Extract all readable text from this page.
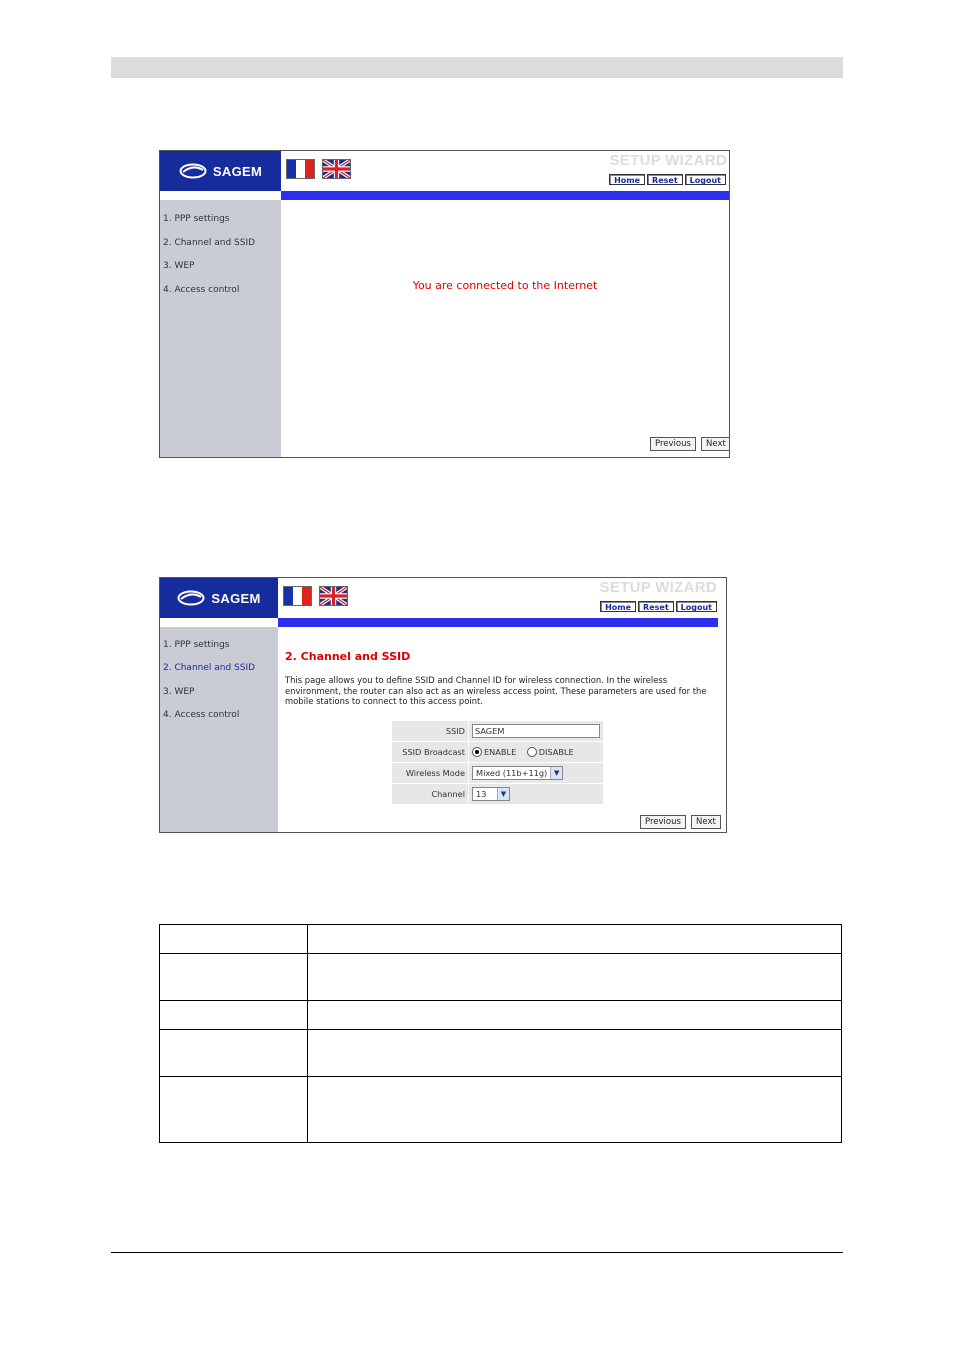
SAGEM
SETUP WIZARD
Home	Reset	Logout
1. PPP settings
2. Channel and SSID
3. WEP
4. Access control	You are connected to the Internet
Previous	Next
SAGEM
SETUP WIZARD
Home	Reset	Logout
1. PPP settings
2. Channel and SSID
3. WEP
4. Access control
2. Channel and SSID
This page allows you to define SSID and Channel ID for wireless connection. In the wireless environment, the router can also act as an wireless access point. These parameters are used for the mobile stations to connect to this access point.
SSID	SAGEM

SSID Broadcast	ENABLE DISABLE
Wireless Mode	Mixed (11b+11g) ▼

Channel	13 ▼
Previous	Next
